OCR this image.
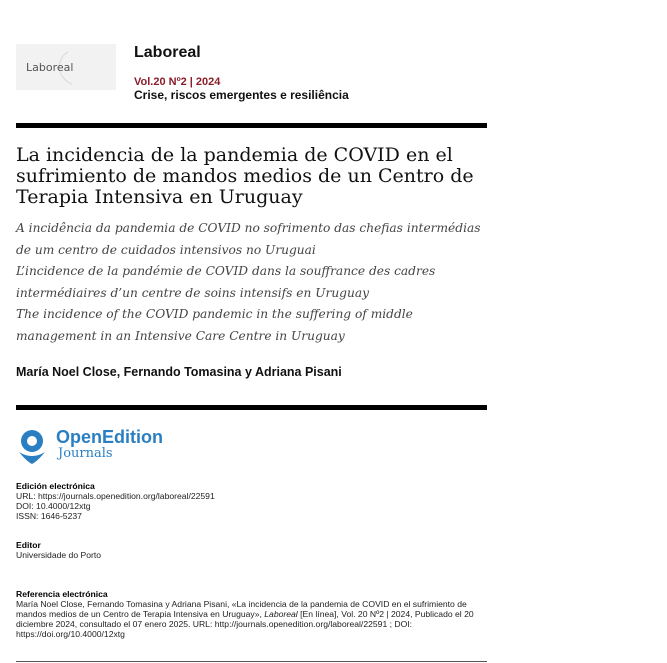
Laboreal
Laboreal
Vol.20 Nº2 | 2024
Crise, riscos emergentes e resiliência
La incidencia de la pandemia de COVID en el sufrimiento de mandos medios de un Centro de Terapia Intensiva en Uruguay
A incidência da pandemia de COVID no sofrimento das chefias intermédias de um centro de cuidados intensivos no Uruguai
L’incidence de la pandémie de COVID dans la souffrance des cadres intermédiaires d’un centre de soins intensifs en Uruguay
The incidence of the COVID pandemic in the suffering of middle management in an Intensive Care Centre in Uruguay
María Noel Close, Fernando Tomasina y Adriana Pisani
OpenEdition
Journals
Edición electrónica
URL: https://journals.openedition.org/laboreal/22591
DOI: 10.4000/12xtg
ISSN: 1646-5237
Editor
Universidade do Porto
Referencia electrónica
María Noel Close, Fernando Tomasina y Adriana Pisani, «La incidencia de la pandemia de COVID en el sufrimiento de mandos medios de un Centro de Terapia Intensiva en Uruguay», Laboreal [En línea], Vol. 20 Nº2 | 2024, Publicado el 20 diciembre 2024, consultado el 07 enero 2025. URL: http://journals.openedition.org/laboreal/22591 ; DOI: https://doi.org/10.4000/12xtg
